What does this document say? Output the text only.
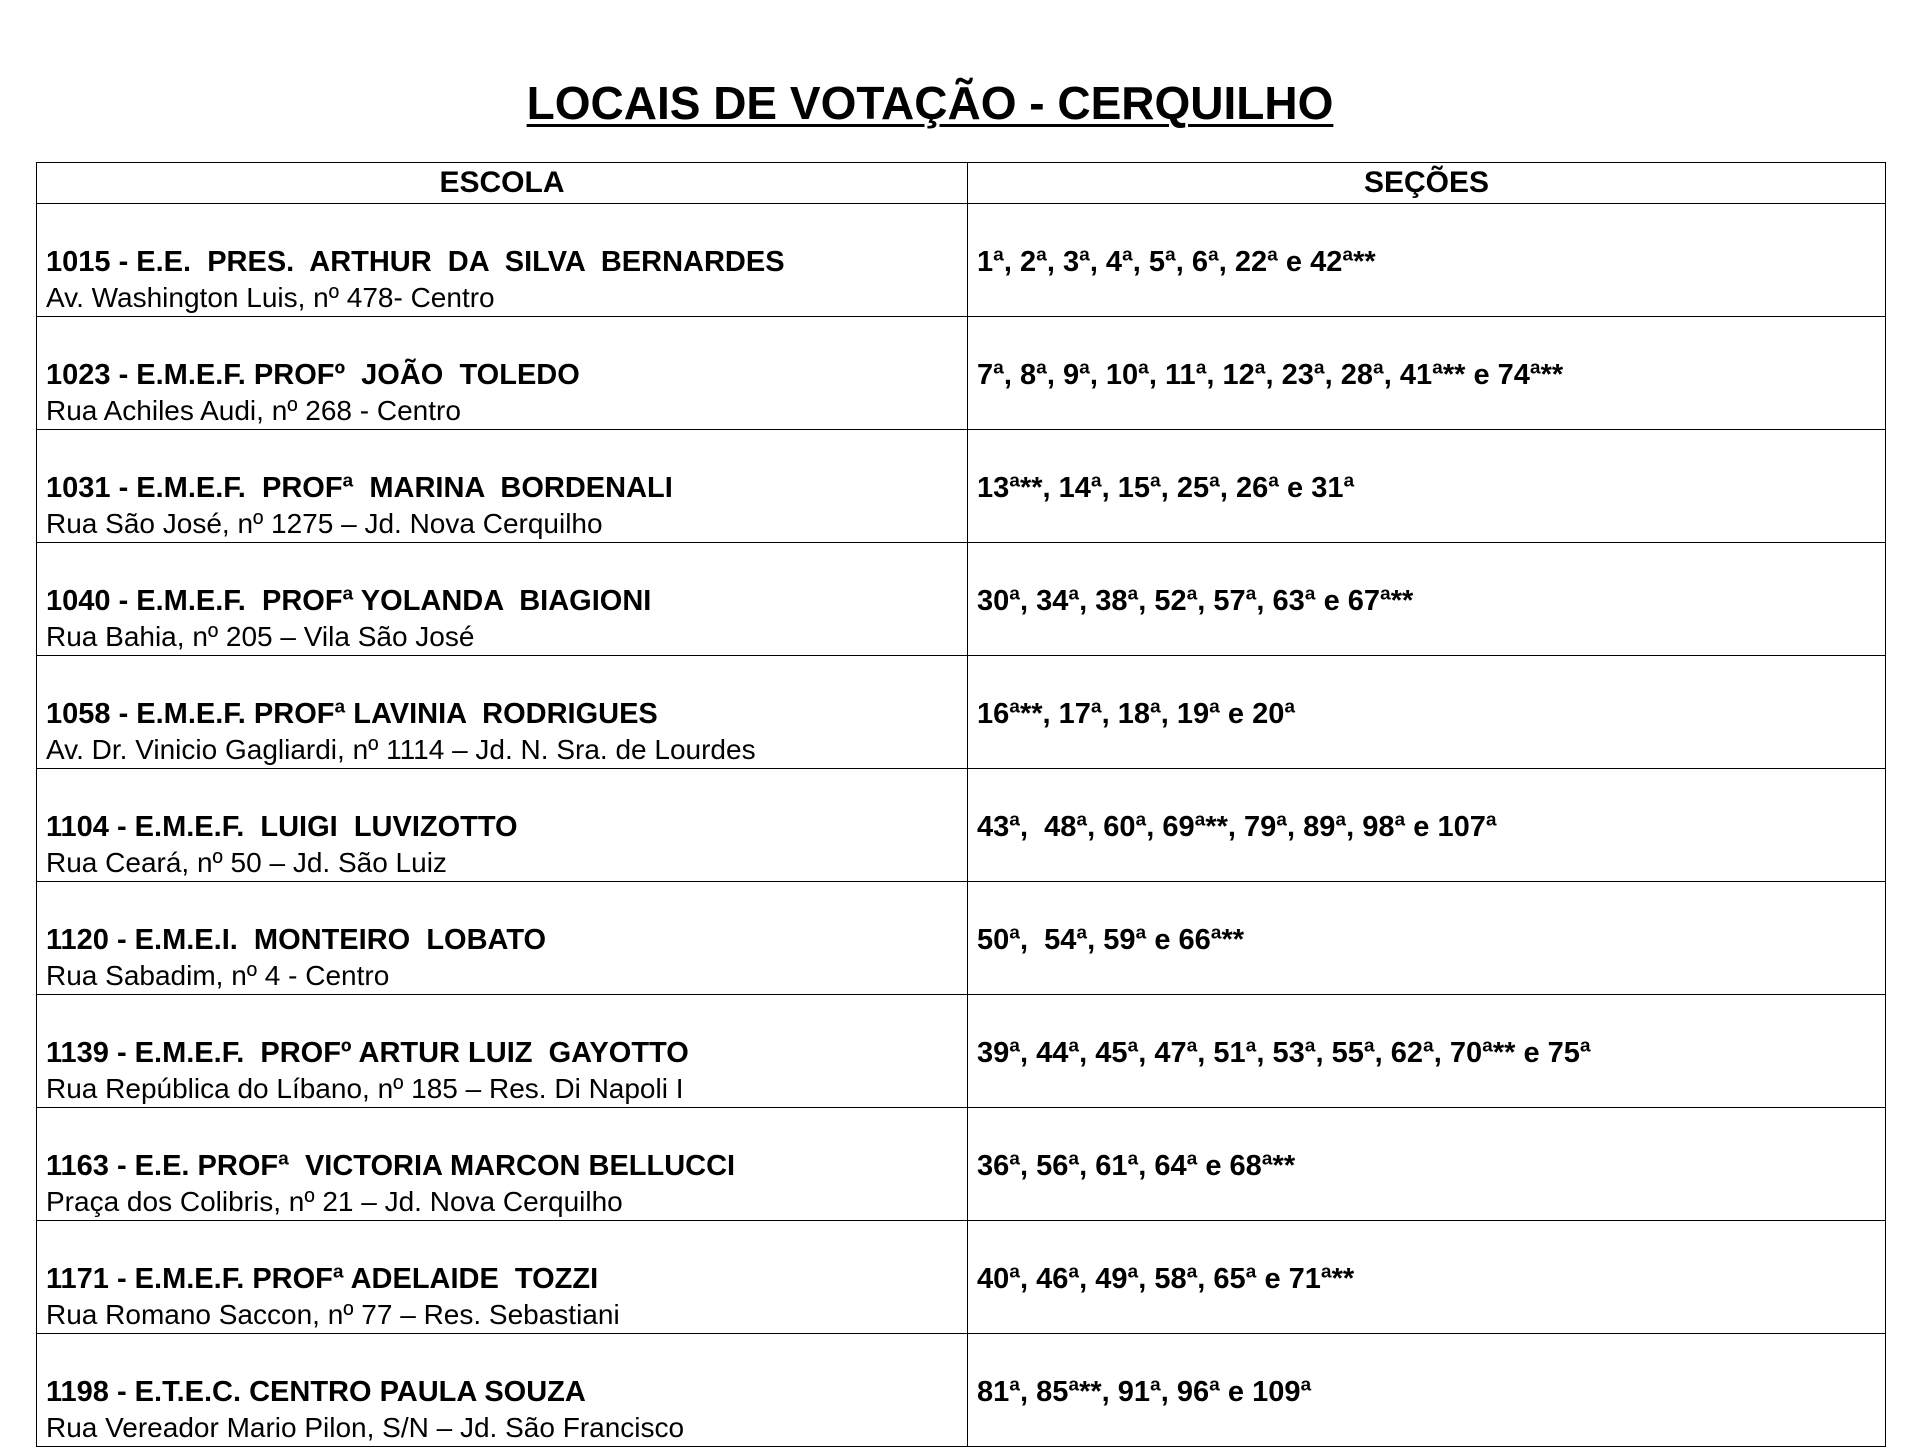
LOCAIS DE VOTAÇÃO - CERQUILHO
ESCOLA	SEÇÕES

1015 - E.E.  PRES.  ARTHUR  DA  SILVA  BERNARDES
Av. Washington Luis, nº 478- Centro	1ª, 2ª, 3ª, 4ª, 5ª, 6ª, 22ª e 42ª**

1023 - E.M.E.F. PROFº  JOÃO  TOLEDO
Rua Achiles Audi, nº 268 - Centro	7ª, 8ª, 9ª, 10ª, 11ª, 12ª, 23ª, 28ª, 41ª** e 74ª**

1031 - E.M.E.F.  PROFª  MARINA  BORDENALI
Rua São José, nº 1275 – Jd. Nova Cerquilho	13ª**, 14ª, 15ª, 25ª, 26ª e 31ª

1040 - E.M.E.F.  PROFª YOLANDA  BIAGIONI
Rua Bahia, nº 205 – Vila São José	30ª, 34ª, 38ª, 52ª, 57ª, 63ª e 67ª**

1058 - E.M.E.F. PROFª LAVINIA  RODRIGUES
Av. Dr. Vinicio Gagliardi, nº 1114 – Jd. N. Sra. de Lourdes	16ª**, 17ª, 18ª, 19ª e 20ª

1104 - E.M.E.F.  LUIGI  LUVIZOTTO
Rua Ceará, nº 50 – Jd. São Luiz	43ª,  48ª, 60ª, 69ª**, 79ª, 89ª, 98ª e 107ª

1120 - E.M.E.I.  MONTEIRO  LOBATO
Rua Sabadim, nº 4 - Centro	50ª,  54ª, 59ª e 66ª**

1139 - E.M.E.F.  PROFº ARTUR LUIZ  GAYOTTO
Rua República do Líbano, nº 185 – Res. Di Napoli I	39ª, 44ª, 45ª, 47ª, 51ª, 53ª, 55ª, 62ª, 70ª** e 75ª

1163 - E.E. PROFª  VICTORIA MARCON BELLUCCI
Praça dos Colibris, nº 21 – Jd. Nova Cerquilho	36ª, 56ª, 61ª, 64ª e 68ª**

1171 - E.M.E.F. PROFª ADELAIDE  TOZZI
Rua Romano Saccon, nº 77 – Res. Sebastiani	40ª, 46ª, 49ª, 58ª, 65ª e 71ª**

1198 - E.T.E.C. CENTRO PAULA SOUZA
Rua Vereador Mario Pilon, S/N – Jd. São Francisco	81ª, 85ª**, 91ª, 96ª e 109ª
